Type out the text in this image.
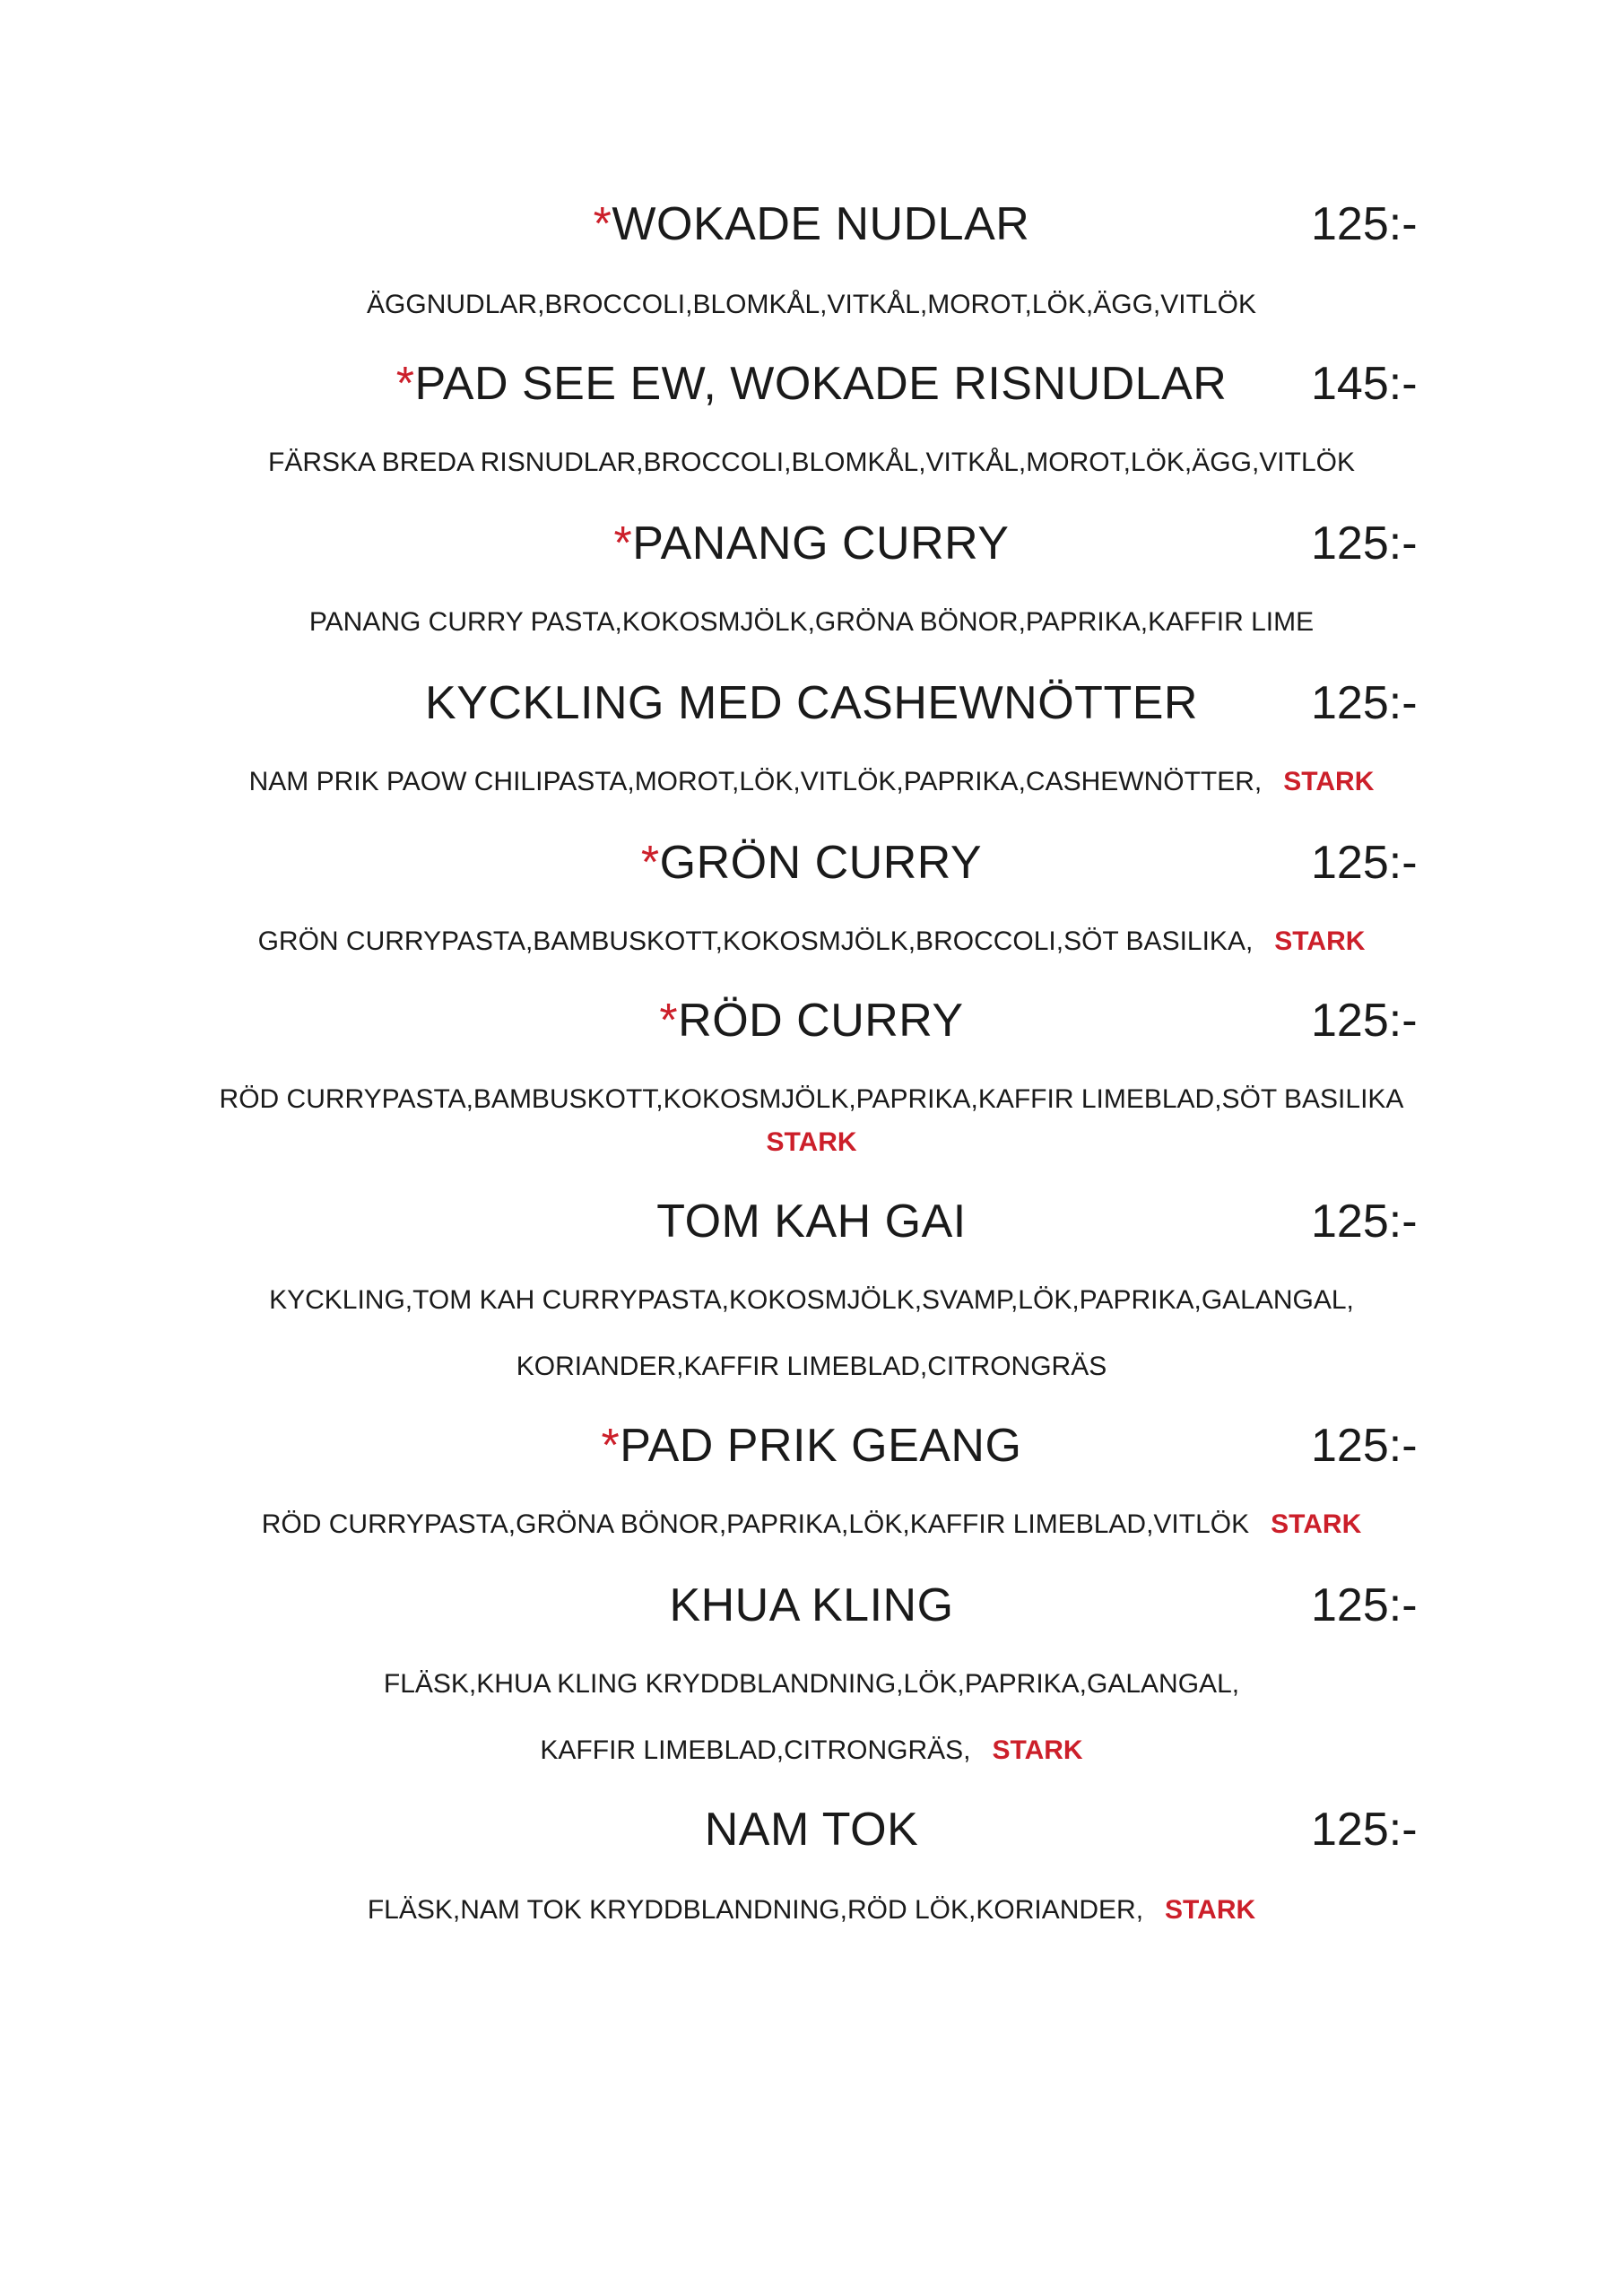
*WOKADE NUDLAR	125:-
ÄGGNUDLAR,BROCCOLI,BLOMKÅL,VITKÅL,MOROT,LÖK,ÄGG,VITLÖK
*PAD SEE EW, WOKADE RISNUDLAR	145:-
FÄRSKA BREDA RISNUDLAR,BROCCOLI,BLOMKÅL,VITKÅL,MOROT,LÖK,ÄGG,VITLÖK
*PANANG CURRY	125:-
PANANG CURRY PASTA,KOKOSMJÖLK,GRÖNA BÖNOR,PAPRIKA,KAFFIR LIME
KYCKLING MED CASHEWNÖTTER	125:-
NAM PRIK PAOW CHILIPASTA,MOROT,LÖK,VITLÖK,PAPRIKA,CASHEWNÖTTER, STARK
*GRÖN CURRY	125:-
GRÖN CURRYPASTA,BAMBUSKOTT,KOKOSMJÖLK,BROCCOLI,SÖT BASILIKA, STARK
*RÖD CURRY	125:-
RÖD CURRYPASTA,BAMBUSKOTT,KOKOSMJÖLK,PAPRIKA,KAFFIR LIMEBLAD,SÖT BASILIKA
STARK
TOM KAH GAI	125:-
KYCKLING,TOM KAH CURRYPASTA,KOKOSMJÖLK,SVAMP,LÖK,PAPRIKA,GALANGAL,
KORIANDER,KAFFIR LIMEBLAD,CITRONGRÄS
*PAD PRIK GEANG	125:-
RÖD CURRYPASTA,GRÖNA BÖNOR,PAPRIKA,LÖK,KAFFIR LIMEBLAD,VITLÖK STARK
KHUA KLING	125:-
FLÄSK,KHUA KLING KRYDDBLANDNING,LÖK,PAPRIKA,GALANGAL,
KAFFIR LIMEBLAD,CITRONGRÄS, STARK
NAM TOK	125:-
FLÄSK,NAM TOK KRYDDBLANDNING,RÖD LÖK,KORIANDER, STARK
